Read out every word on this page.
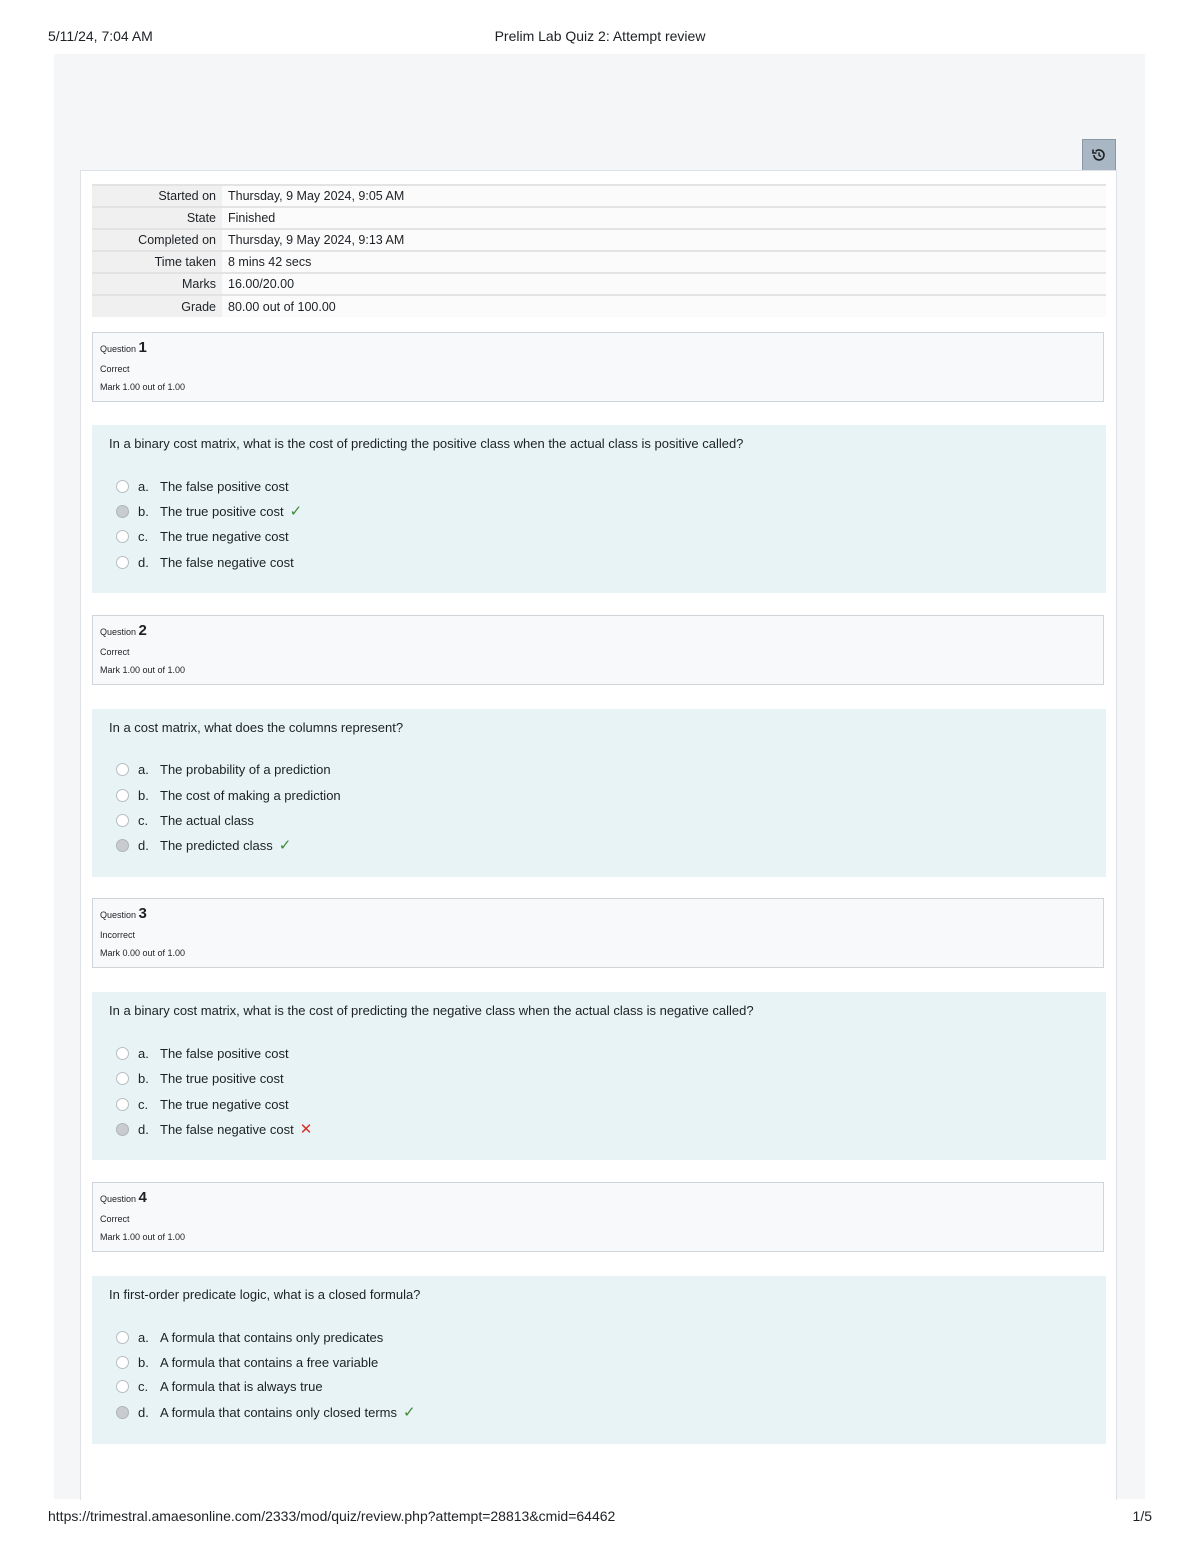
5/11/24, 7:04 AM	Prelim Lab Quiz 2: Attempt review
Started on	Thursday, 9 May 2024, 9:05 AM
State	Finished
Completed on	Thursday, 9 May 2024, 9:13 AM
Time taken	8 mins 42 secs
Marks	16.00/20.00
Grade	80.00 out of 100.00
Question 1
Correct
Mark 1.00 out of 1.00
In a binary cost matrix, what is the cost of predicting the positive class when the actual class is positive called?
a. The false positive cost
b. The true positive cost ✓
c. The true negative cost
d. The false negative cost
Question 2
Correct
Mark 1.00 out of 1.00
In a cost matrix, what does the columns represent?
a. The probability of a prediction
b. The cost of making a prediction
c. The actual class
d. The predicted class ✓
Question 3
Incorrect
Mark 0.00 out of 1.00
In a binary cost matrix, what is the cost of predicting the negative class when the actual class is negative called?
a. The false positive cost
b. The true positive cost
c. The true negative cost
d. The false negative cost ✕
Question 4
Correct
Mark 1.00 out of 1.00
In first-order predicate logic, what is a closed formula?
a. A formula that contains only predicates
b. A formula that contains a free variable
c. A formula that is always true
d. A formula that contains only closed terms ✓
https://trimestral.amaesonline.com/2333/mod/quiz/review.php?attempt=28813&cmid=64462	1/5
